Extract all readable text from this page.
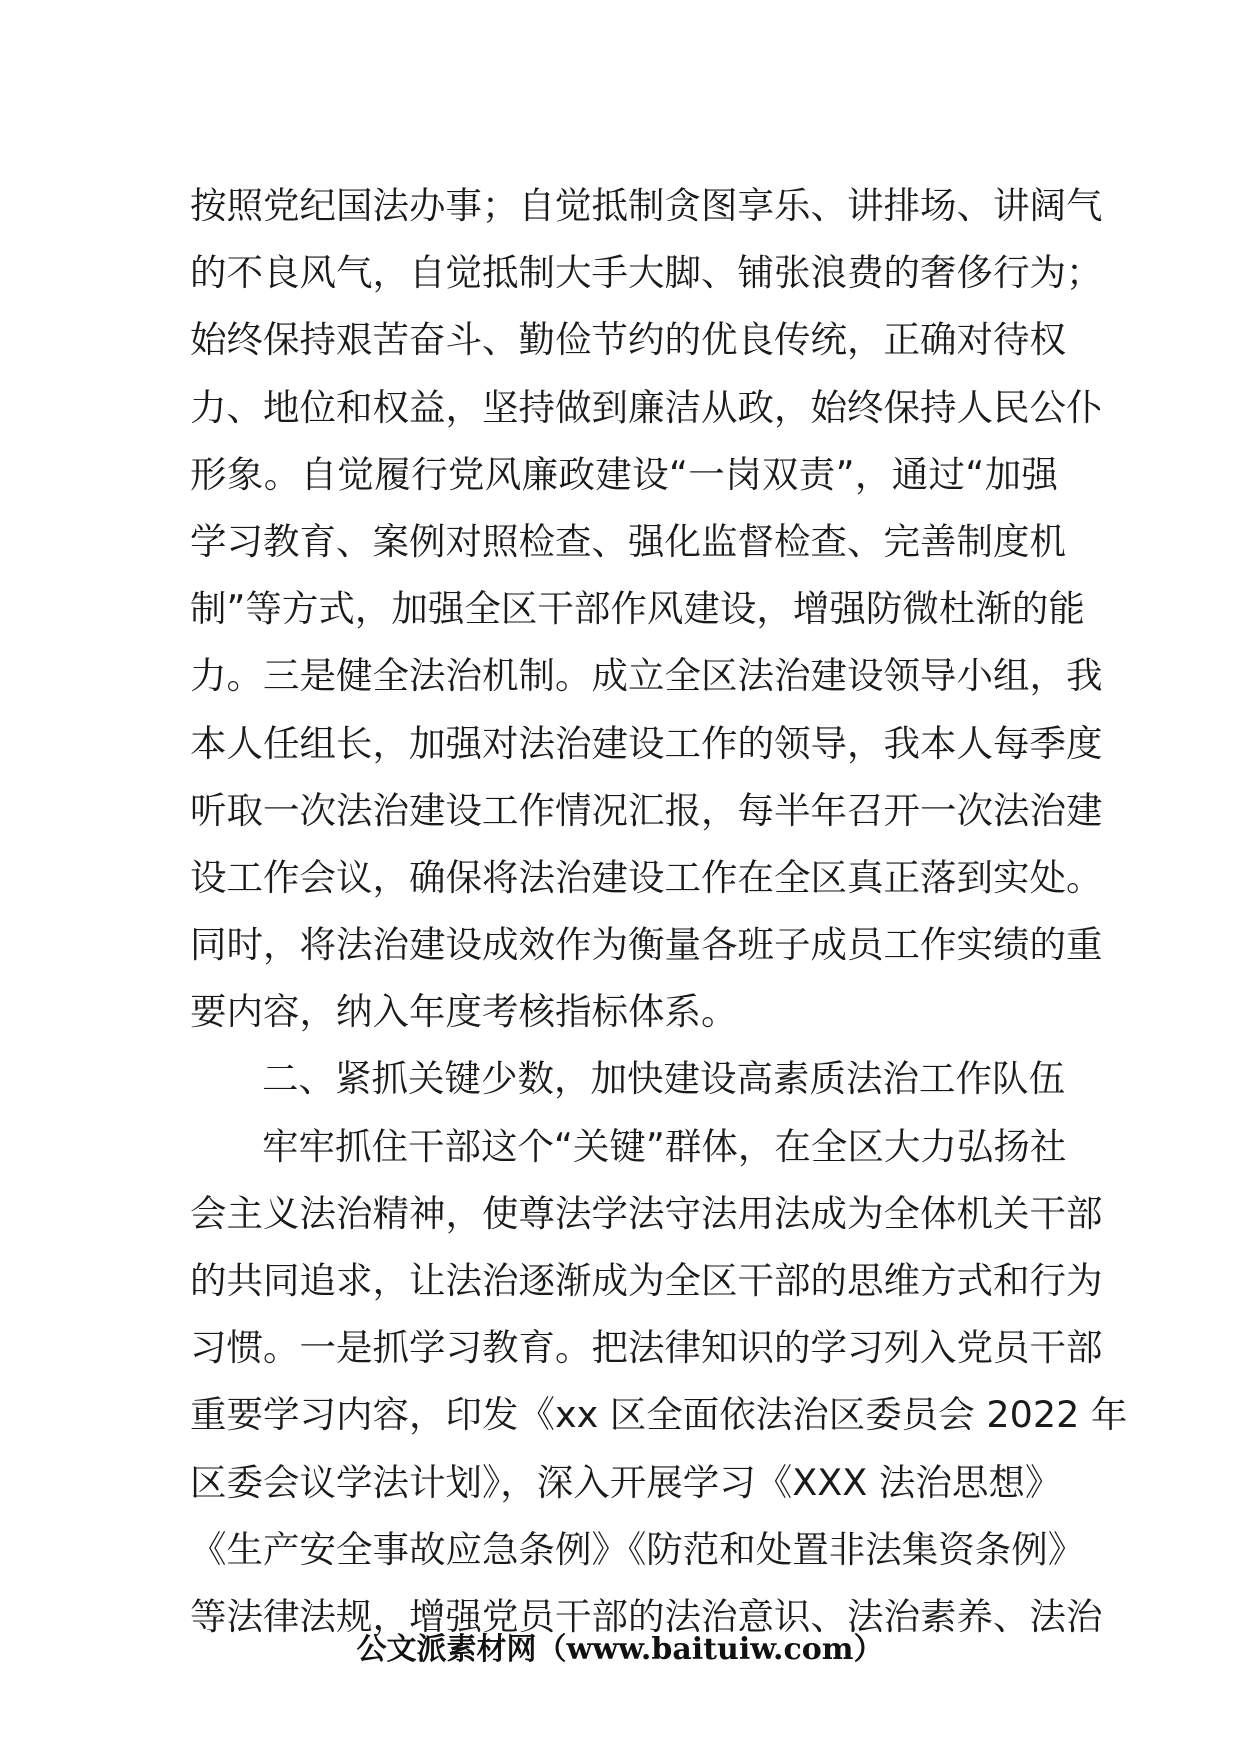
按照党纪国法办事；自觉抵制贪图享乐、讲排场、讲阔气
的不良风气，自觉抵制大手大脚、铺张浪费的奢侈行为；
始终保持艰苦奋斗、勤俭节约的优良传统，正确对待权
力、地位和权益，坚持做到廉洁从政，始终保持人民公仆
形象。自觉履行党风廉政建设“一岗双责”，通过“加强
学习教育、案例对照检查、强化监督检查、完善制度机
制”等方式，加强全区干部作风建设，增强防微杜渐的能
力。三是健全法治机制。成立全区法治建设领导小组，我
本人任组长，加强对法治建设工作的领导，我本人每季度
听取一次法治建设工作情况汇报，每半年召开一次法治建
设工作会议，确保将法治建设工作在全区真正落到实处。
同时，将法治建设成效作为衡量各班子成员工作实绩的重
要内容，纳入年度考核指标体系。
二、紧抓关键少数，加快建设高素质法治工作队伍
牢牢抓住干部这个“关键”群体，在全区大力弘扬社
会主义法治精神，使尊法学法守法用法成为全体机关干部
的共同追求，让法治逐渐成为全区干部的思维方式和行为
习惯。一是抓学习教育。把法律知识的学习列入党员干部
重要学习内容，印发《xx 区全面依法治区委员会 2022 年
区委会议学法计划》，深入开展学习《XXX 法治思想》
《生产安全事故应急条例》《防范和处置非法集资条例》
等法律法规，增强党员干部的法治意识、法治素养、法治
公文派素材网（www.baituiw.com）
